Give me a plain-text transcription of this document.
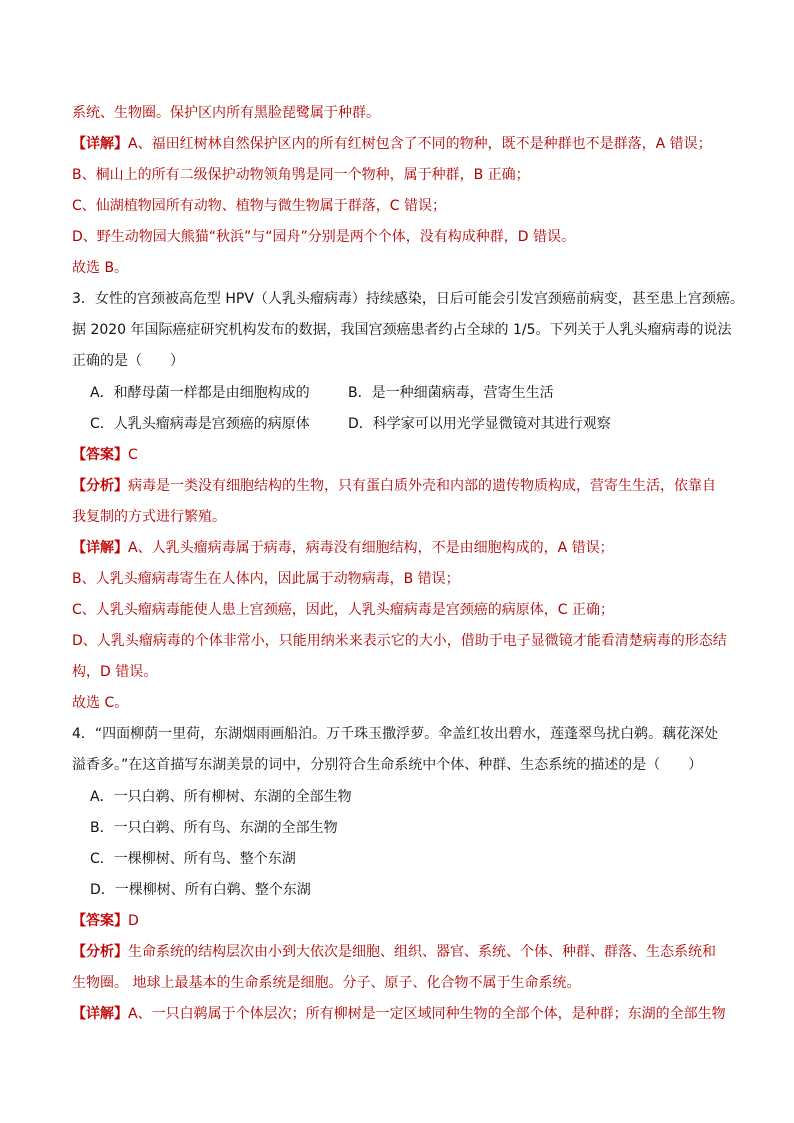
系统、生物圈。保护区内所有黑脸琵鹭属于种群。
【详解】A、福田红树林自然保护区内的所有红树包含了不同的物种，既不是种群也不是群落，A 错误；
B、桐山上的所有二级保护动物领角鸮是同一个物种，属于种群，B 正确；
C、仙湖植物园所有动物、植物与微生物属于群落，C 错误；
D、野生动物园大熊猫“秋浜”与“园舟”分别是两个个体，没有构成种群，D 错误。
故选 B。
3．女性的宫颈被高危型 HPV（人乳头瘤病毒）持续感染，日后可能会引发宫颈癌前病变，甚至患上宫颈癌。
据 2020 年国际癌症研究机构发布的数据，我国宫颈癌患者约占全球的 1/5。下列关于人乳头瘤病毒的说法
正确的是（　　）
A．和酵母菌一样都是由细胞构成的	B．是一种细菌病毒，营寄生生活
C．人乳头瘤病毒是宫颈癌的病原体	D．科学家可以用光学显微镜对其进行观察
【答案】C
【分析】病毒是一类没有细胞结构的生物，只有蛋白质外壳和内部的遗传物质构成，营寄生生活，依靠自
我复制的方式进行繁殖。
【详解】A、人乳头瘤病毒属于病毒，病毒没有细胞结构，不是由细胞构成的，A 错误；
B、人乳头瘤病毒寄生在人体内，因此属于动物病毒，B 错误；
C、人乳头瘤病毒能使人患上宫颈癌，因此，人乳头瘤病毒是宫颈癌的病原体，C 正确；
D、人乳头瘤病毒的个体非常小，只能用纳米来表示它的大小，借助于电子显微镜才能看清楚病毒的形态结
构，D 错误。
故选 C。
4．“四面柳荫一里荷，东湖烟雨画船泊。万千珠玉撒浮萝。伞盖红妆出碧水，莲蓬翠鸟扰白鹈。藕花深处
溢香多。”在这首描写东湖美景的词中，分别符合生命系统中个体、种群、生态系统的描述的是（　　）
A．一只白鹈、所有柳树、东湖的全部生物
B．一只白鹈、所有鸟、东湖的全部生物
C．一棵柳树、所有鸟、整个东湖
D．一棵柳树、所有白鹈、整个东湖
【答案】D
【分析】生命系统的结构层次由小到大依次是细胞、组织、器官、系统、个体、种群、群落、生态系统和
生物圈。 地球上最基本的生命系统是细胞。分子、原子、化合物不属于生命系统。
【详解】A、一只白鹈属于个体层次；所有柳树是一定区域同种生物的全部个体，是种群；东湖的全部生物
